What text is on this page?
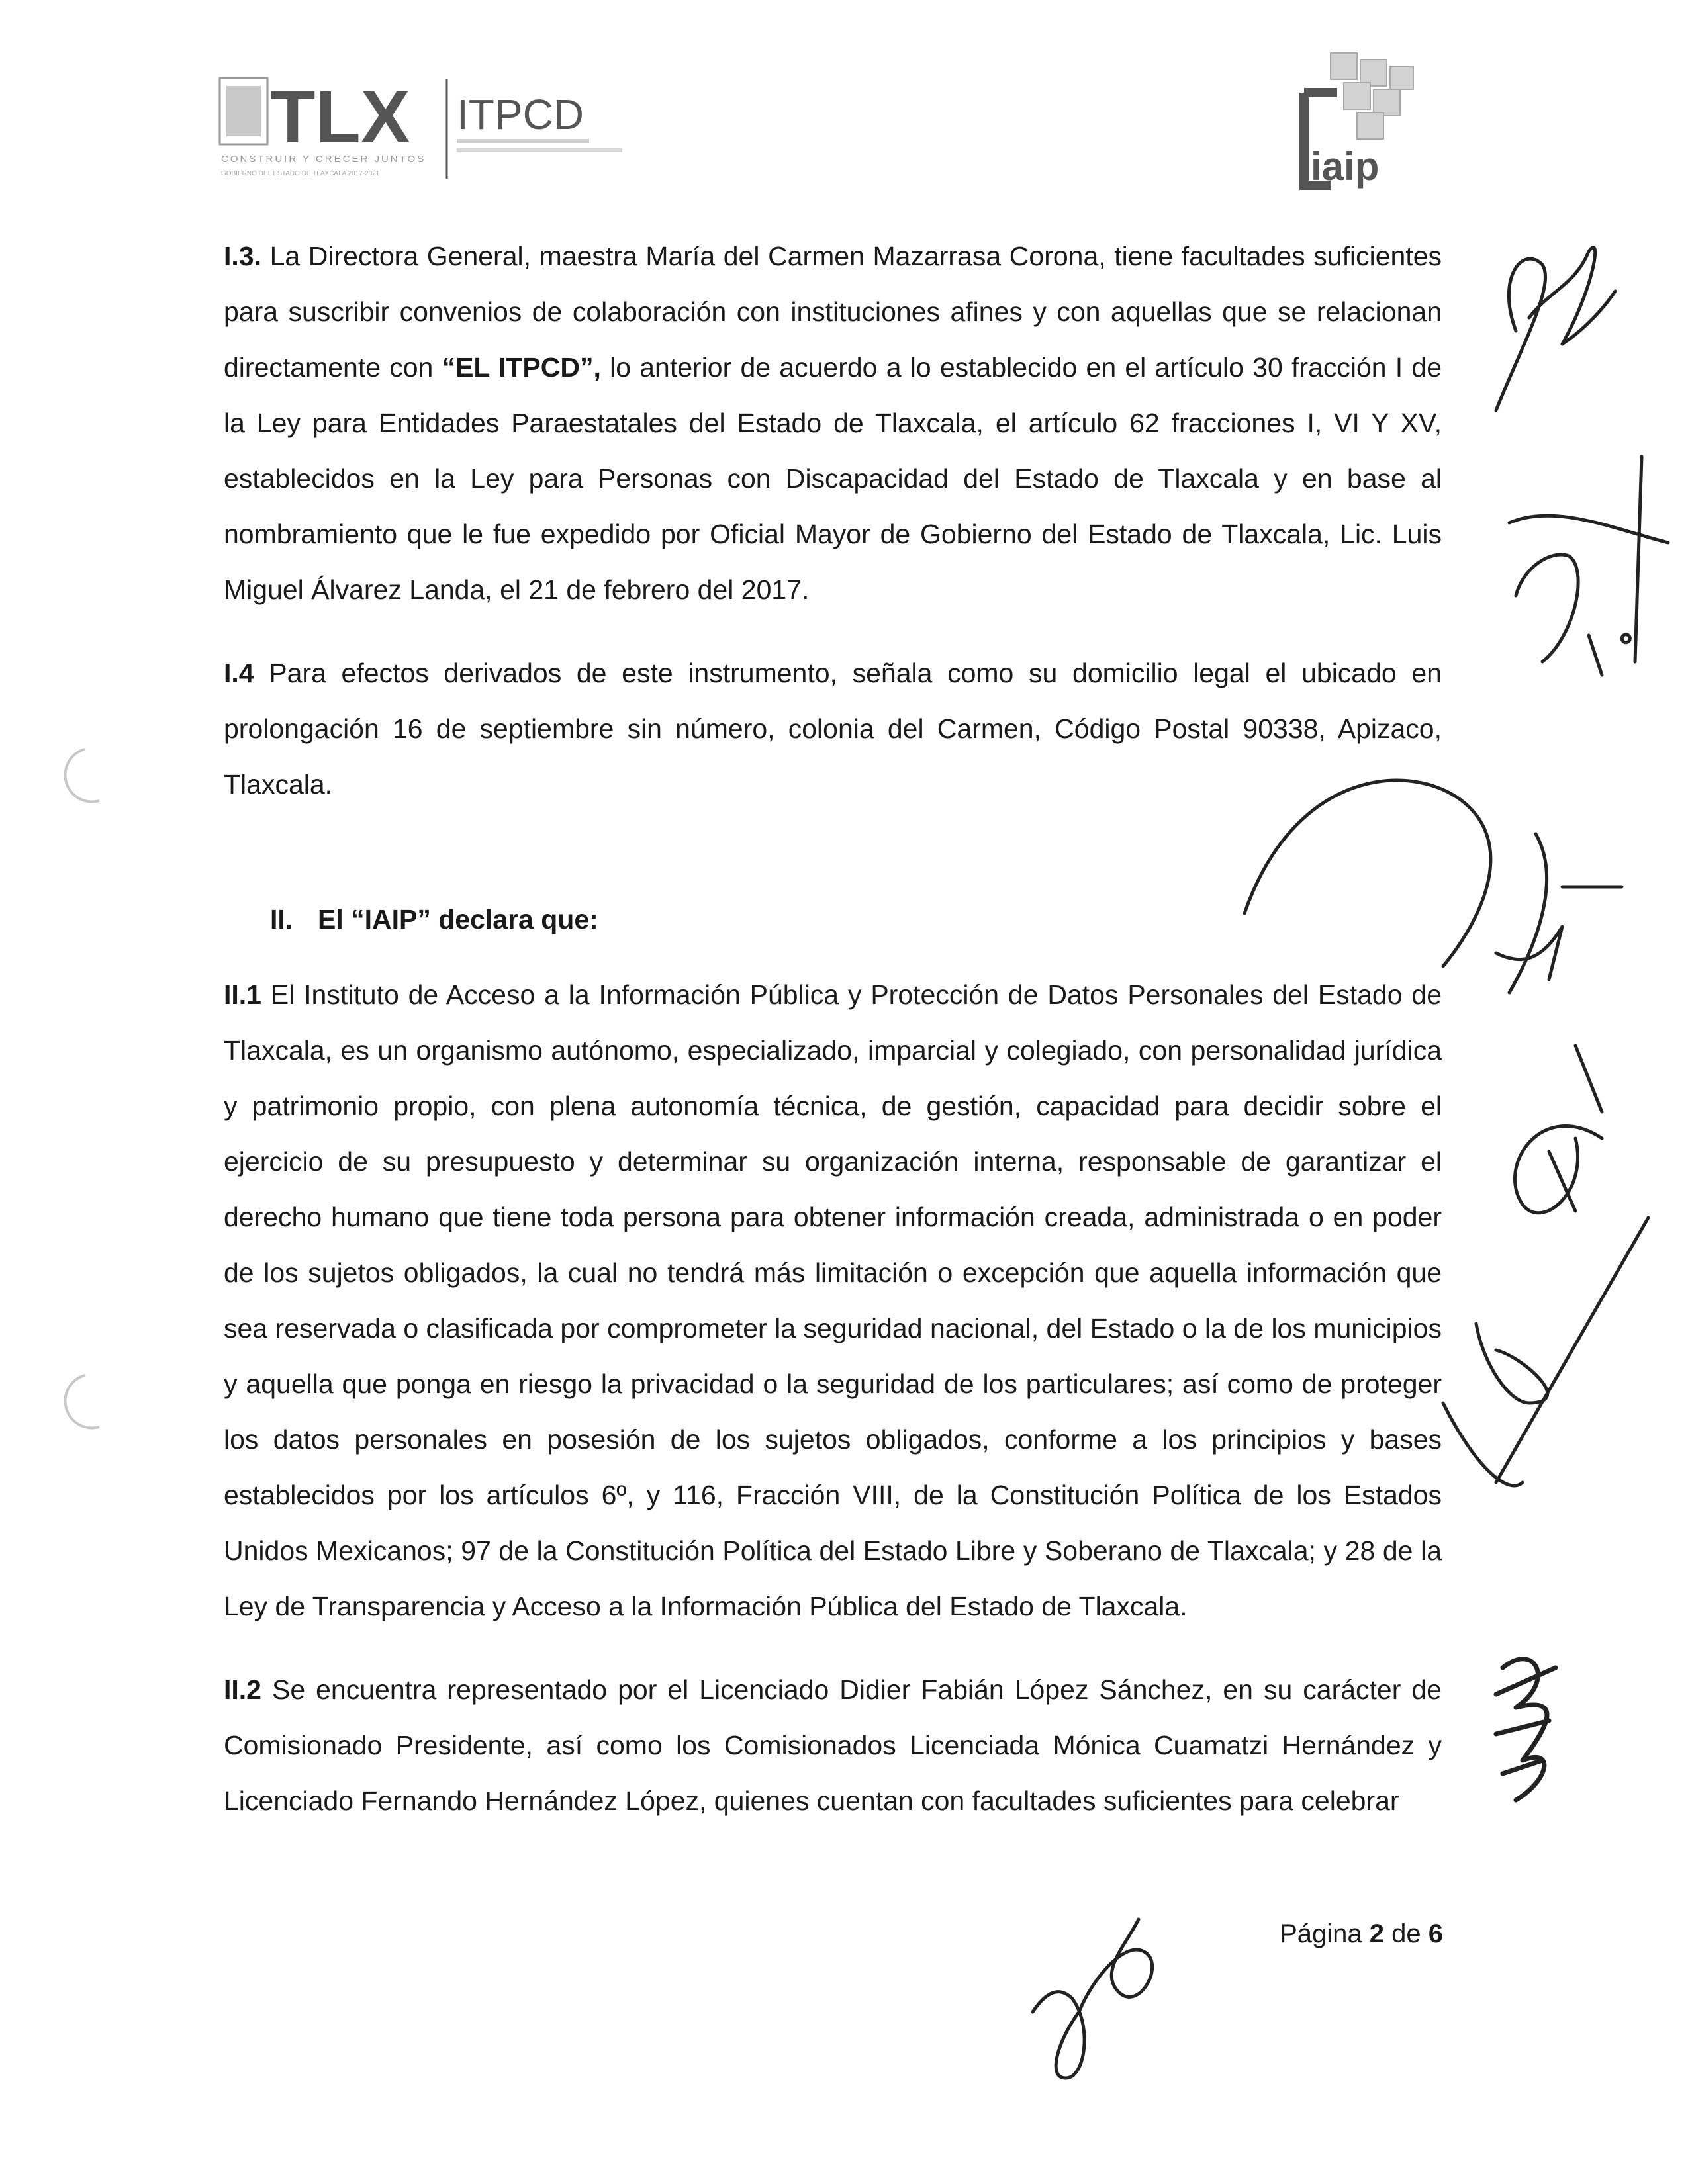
TLX
CONSTRUIR Y CRECER JUNTOS
GOBIERNO DEL ESTADO DE TLAXCALA 2017-2021
ITPCD
iaip

I.3. La Directora General, maestra María del Carmen Mazarrasa Corona, tiene facultades suficientes para suscribir convenios de colaboración con instituciones afines y con aquellas que se relacionan directamente con “EL ITPCD”, lo anterior de acuerdo a lo establecido en el artículo 30 fracción I de la Ley para Entidades Paraestatales del Estado de Tlaxcala, el artículo 62 fracciones I, VI Y XV, establecidos en la Ley para Personas con Discapacidad del Estado de Tlaxcala y en base al nombramiento que le fue expedido por Oficial Mayor de Gobierno del Estado de Tlaxcala, Lic. Luis Miguel Álvarez Landa, el 21 de febrero del 2017.

I.4 Para efectos derivados de este instrumento, señala como su domicilio legal el ubicado en prolongación 16 de septiembre sin número, colonia del Carmen, Código Postal 90338, Apizaco, Tlaxcala.

II. El “IAIP” declara que:

II.1 El Instituto de Acceso a la Información Pública y Protección de Datos Personales del Estado de Tlaxcala, es un organismo autónomo, especializado, imparcial y colegiado, con personalidad jurídica y patrimonio propio, con plena autonomía técnica, de gestión, capacidad para decidir sobre el ejercicio de su presupuesto y determinar su organización interna, responsable de garantizar el derecho humano que tiene toda persona para obtener información creada, administrada o en poder de los sujetos obligados, la cual no tendrá más limitación o excepción que aquella información que sea reservada o clasificada por comprometer la seguridad nacional, del Estado o la de los municipios y aquella que ponga en riesgo la privacidad o la seguridad de los particulares; así como de proteger los datos personales en posesión de los sujetos obligados, conforme a los principios y bases establecidos por los artículos 6º, y 116, Fracción VIII, de la Constitución Política de los Estados Unidos Mexicanos; 97 de la Constitución Política del Estado Libre y Soberano de Tlaxcala; y 28 de la Ley de Transparencia y Acceso a la Información Pública del Estado de Tlaxcala.

II.2 Se encuentra representado por el Licenciado Didier Fabián López Sánchez, en su carácter de Comisionado Presidente, así como los Comisionados Licenciada Mónica Cuamatzi Hernández y Licenciado Fernando Hernández López, quienes cuentan con facultades suficientes para celebrar

Página 2 de 6
